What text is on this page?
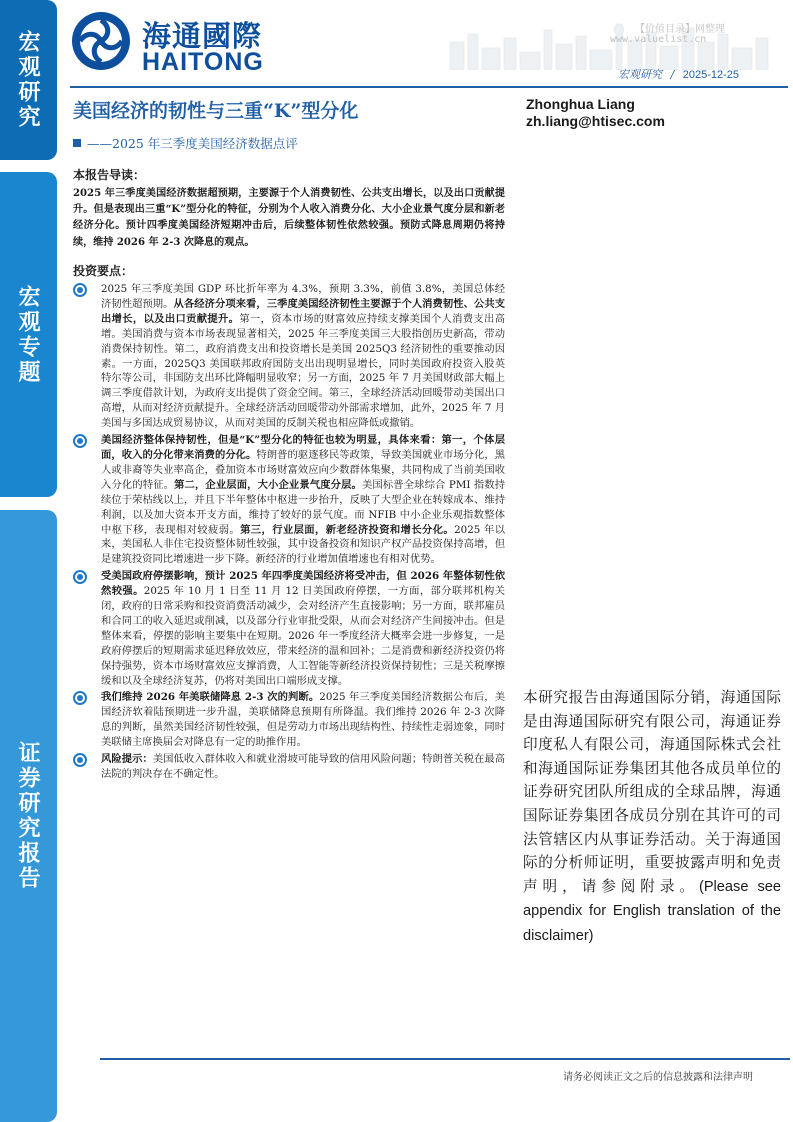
宏观研究
宏观专题
证券研究报告
海通國際
HAITONG
【价值目录】网整理
www.valuelist.cn
宏观研究 / 2025-12-25
美国经济的韧性与三重“K”型分化
——2025 年三季度美国经济数据点评
Zhonghua Liang
zh.liang@htisec.com
本报告导读：
2025 年三季度美国经济数据超预期，主要源于个人消费韧性、公共支出增长，以及出口贡献提升。但是表现出三重“K”型分化的特征，分别为个人收入消费分化、大小企业景气度分层和新老经济分化。预计四季度美国经济短期冲击后，后续整体韧性依然较强。预防式降息周期仍将持续，维持 2026 年 2-3 次降息的观点。
投资要点：
2025 年三季度美国 GDP 环比折年率为 4.3%，预期 3.3%，前值 3.8%，美国总体经济韧性超预期。从各经济分项来看，三季度美国经济韧性主要源于个人消费韧性、公共支出增长，以及出口贡献提升。第一，资本市场的财富效应持续支撑美国个人消费支出高增。美国消费与资本市场表现显著相关，2025 年三季度美国三大股指创历史新高，带动消费保持韧性。第二，政府消费支出和投资增长是美国 2025Q3 经济韧性的重要推动因素。一方面，2025Q3 美国联邦政府国防支出出现明显增长，同时美国政府投资入股英特尔等公司，非国防支出环比降幅明显收窄；另一方面，2025 年 7 月美国财政部大幅上调三季度借款计划，为政府支出提供了资金空间。第三，全球经济活动回暖带动美国出口高增，从而对经济贡献提升。全球经济活动回暖带动外部需求增加，此外，2025 年 7 月美国与多国达成贸易协议，从而对美国的反制关税也相应降低或撤销。
美国经济整体保持韧性，但是“K”型分化的特征也较为明显，具体来看：第一，个体层面，收入的分化带来消费的分化。特朗普的驱逐移民等政策，导致美国就业市场分化，黑人或非裔等失业率高企，叠加资本市场财富效应向少数群体集聚，共同构成了当前美国收入分化的特征。第二，企业层面，大小企业景气度分层。美国标普全球综合 PMI 指数持续位于荣枯线以上，并且下半年整体中枢进一步抬升，反映了大型企业在转嫁成本、维持利润，以及加大资本开支方面，维持了较好的景气度。而 NFIB 中小企业乐观指数整体中枢下移，表现相对较疲弱。第三，行业层面，新老经济投资和增长分化。2025 年以来，美国私人非住宅投资整体韧性较强，其中设备投资和知识产权产品投资保持高增，但是建筑投资同比增速进一步下降。新经济的行业增加值增速也有相对优势。
受美国政府停摆影响，预计 2025 年四季度美国经济将受冲击，但 2026 年整体韧性依然较强。2025 年 10 月 1 日至 11 月 12 日美国政府停摆，一方面，部分联邦机构关闭，政府的日常采购和投资消费活动减少，会对经济产生直接影响；另一方面，联邦雇员和合同工的收入延迟或削减，以及部分行业审批受限，从而会对经济产生间接冲击。但是整体来看，停摆的影响主要集中在短期。2026 年一季度经济大概率会进一步修复，一是政府停摆后的短期需求延迟释放效应，带来经济的温和回补；二是消费和新经济投资仍将保持强势，资本市场财富效应支撑消费，人工智能等新经济投资保持韧性；三是关税摩擦缓和以及全球经济复苏，仍将对美国出口端形成支撑。
我们维持 2026 年美联储降息 2-3 次的判断。2025 年三季度美国经济数据公布后，美国经济软着陆预期进一步升温，美联储降息预期有所降温。我们维持 2026 年 2-3 次降息的判断，虽然美国经济韧性较强，但是劳动力市场出现结构性、持续性走弱迹象，同时美联储主席换届会对降息有一定的助推作用。
风险提示：美国低收入群体收入和就业滑坡可能导致的信用风险问题；特朗普关税在最高法院的判决存在不确定性。
本研究报告由海通国际分销，海通国际是由海通国际研究有限公司，海通证券印度私人有限公司，海通国际株式会社和海通国际证券集团其他各成员单位的证券研究团队所组成的全球品牌，海通国际证券集团各成员分别在其许可的司法管辖区内从事证券活动。关于海通国际的分析师证明，重要披露声明和免责声明，请参阅附录。(Please see appendix for English translation of the disclaimer)
请务必阅读正文之后的信息披露和法律声明
